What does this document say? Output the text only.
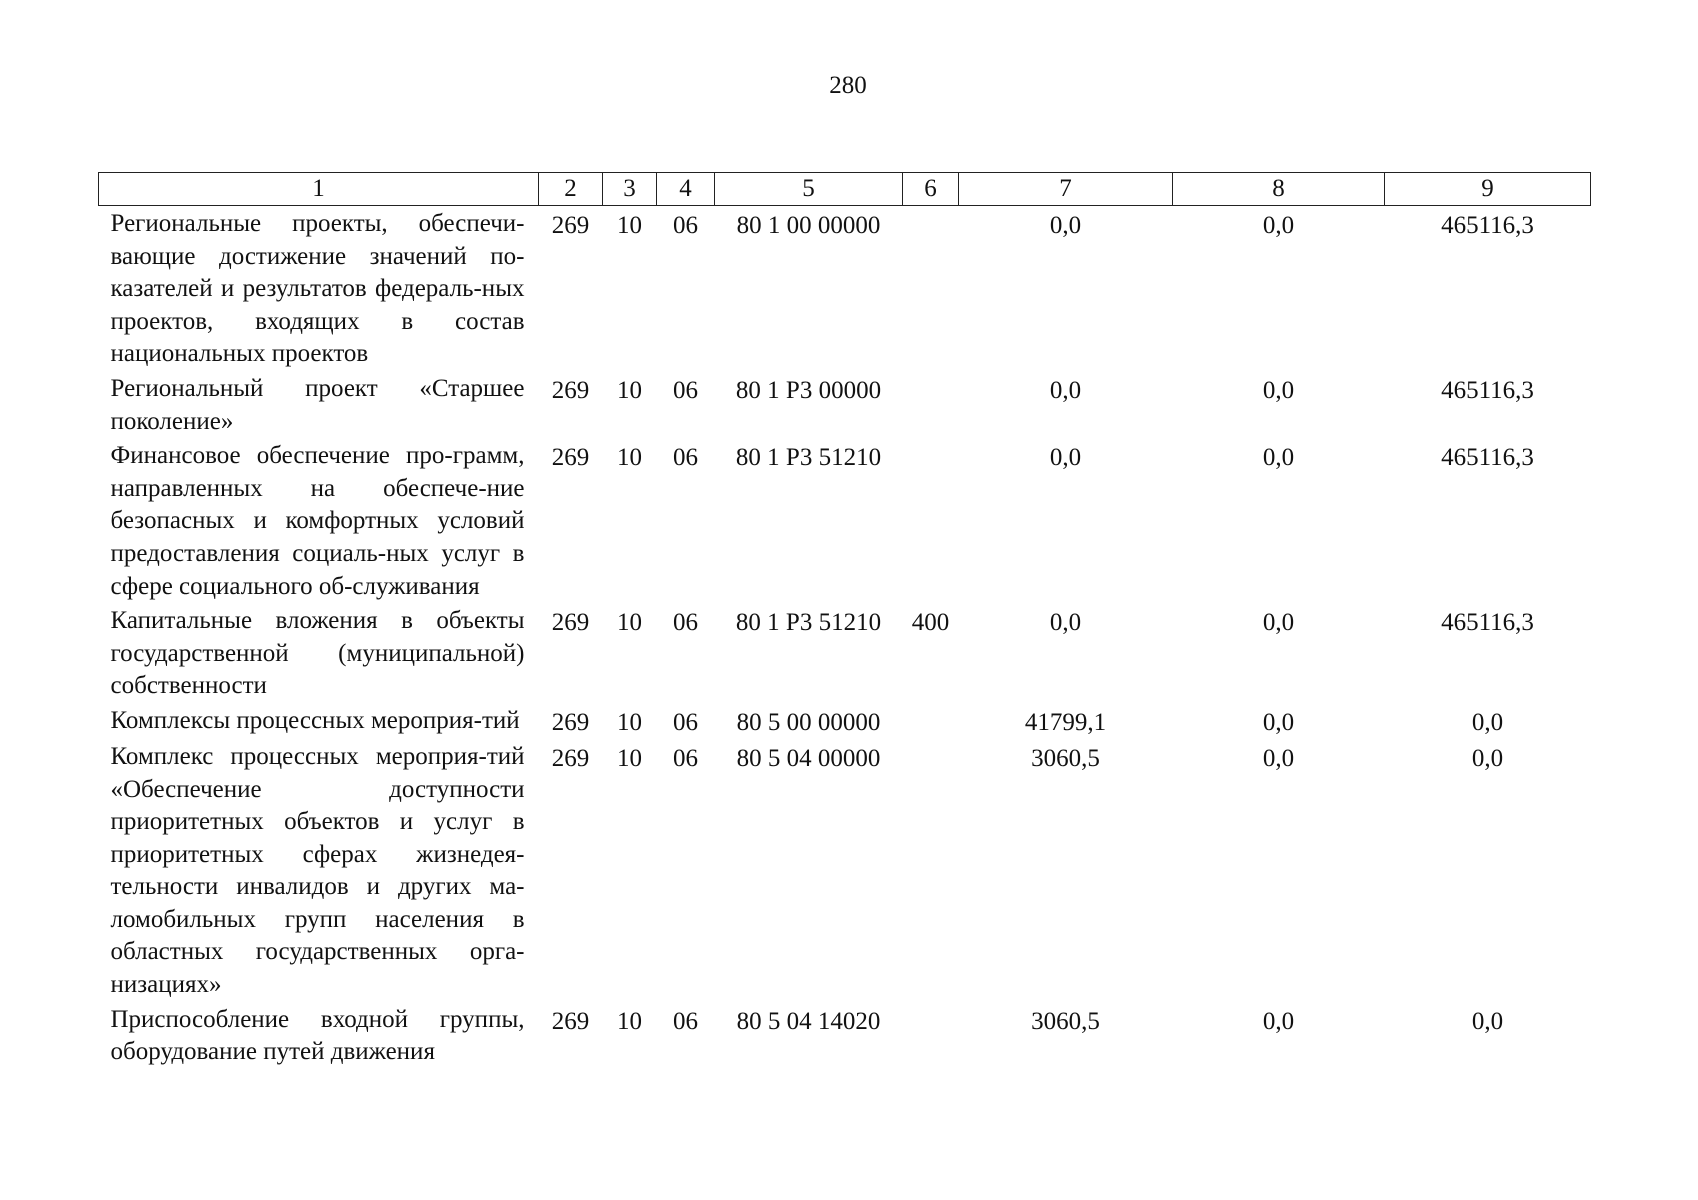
280
1	2	3	4	5	6	7	8	9
Региональные проекты, обеспечи-вающие достижение значений по-казателей и результатов федераль-ных проектов, входящих в состав национальных проектов	269	10	06	80 1 00 00000		0,0	0,0	465116,3
Региональный проект «Старшее поколение»	269	10	06	80 1 Р3 00000		0,0	0,0	465116,3
Финансовое обеспечение про-грамм, направленных на обеспече-ние безопасных и комфортных условий предоставления социаль-ных услуг в сфере социального об-служивания	269	10	06	80 1 Р3 51210		0,0	0,0	465116,3
Капитальные вложения в объекты государственной (муниципальной) собственности	269	10	06	80 1 Р3 51210	400	0,0	0,0	465116,3
Комплексы процессных мероприя-тий	269	10	06	80 5 00 00000		41799,1	0,0	0,0
Комплекс процессных мероприя-тий «Обеспечение доступности приоритетных объектов и услуг в приоритетных сферах жизнедея-тельности инвалидов и других ма-ломобильных групп населения в областных государственных орга-низациях»	269	10	06	80 5 04 00000		3060,5	0,0	0,0
Приспособление входной группы, оборудование путей движения	269	10	06	80 5 04 14020		3060,5	0,0	0,0
